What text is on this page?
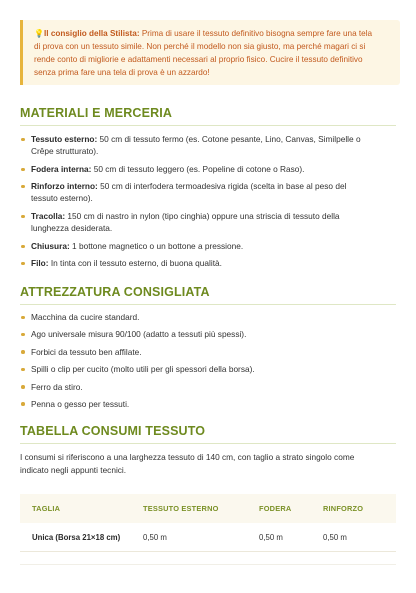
💡Il consiglio della Stilista: Prima di usare il tessuto definitivo bisogna sempre fare una tela
di prova con un tessuto simile. Non perché il modello non sia giusto, ma perché magari ci si
rende conto di migliorie e adattamenti necessari al proprio fisico. Cucire il tessuto definitivo
senza prima fare una tela di prova è un azzardo!
MATERIALI E MERCERIA
Tessuto esterno: 50 cm di tessuto fermo (es. Cotone pesante, Lino, Canvas, Similpelle o
Crêpe strutturato).
Fodera interna: 50 cm di tessuto leggero (es. Popeline di cotone o Raso).
Rinforzo interno: 50 cm di interfodera termoadesiva rigida (scelta in base al peso del
tessuto esterno).
Tracolla: 150 cm di nastro in nylon (tipo cinghia) oppure una striscia di tessuto della
lunghezza desiderata.
Chiusura: 1 bottone magnetico o un bottone a pressione.
Filo: In tinta con il tessuto esterno, di buona qualità.
ATTREZZATURA CONSIGLIATA
Macchina da cucire standard.
Ago universale misura 90/100 (adatto a tessuti più spessi).
Forbici da tessuto ben affilate.
Spilli o clip per cucito (molto utili per gli spessori della borsa).
Ferro da stiro.
Penna o gesso per tessuti.
TABELLA CONSUMI TESSUTO
I consumi si riferiscono a una larghezza tessuto di 140 cm, con taglio a strato singolo come
indicato negli appunti tecnici.
TAGLIA	TESSUTO ESTERNO	FODERA	RINFORZO
Unica (Borsa 21×18 cm)	0,50 m	0,50 m	0,50 m
